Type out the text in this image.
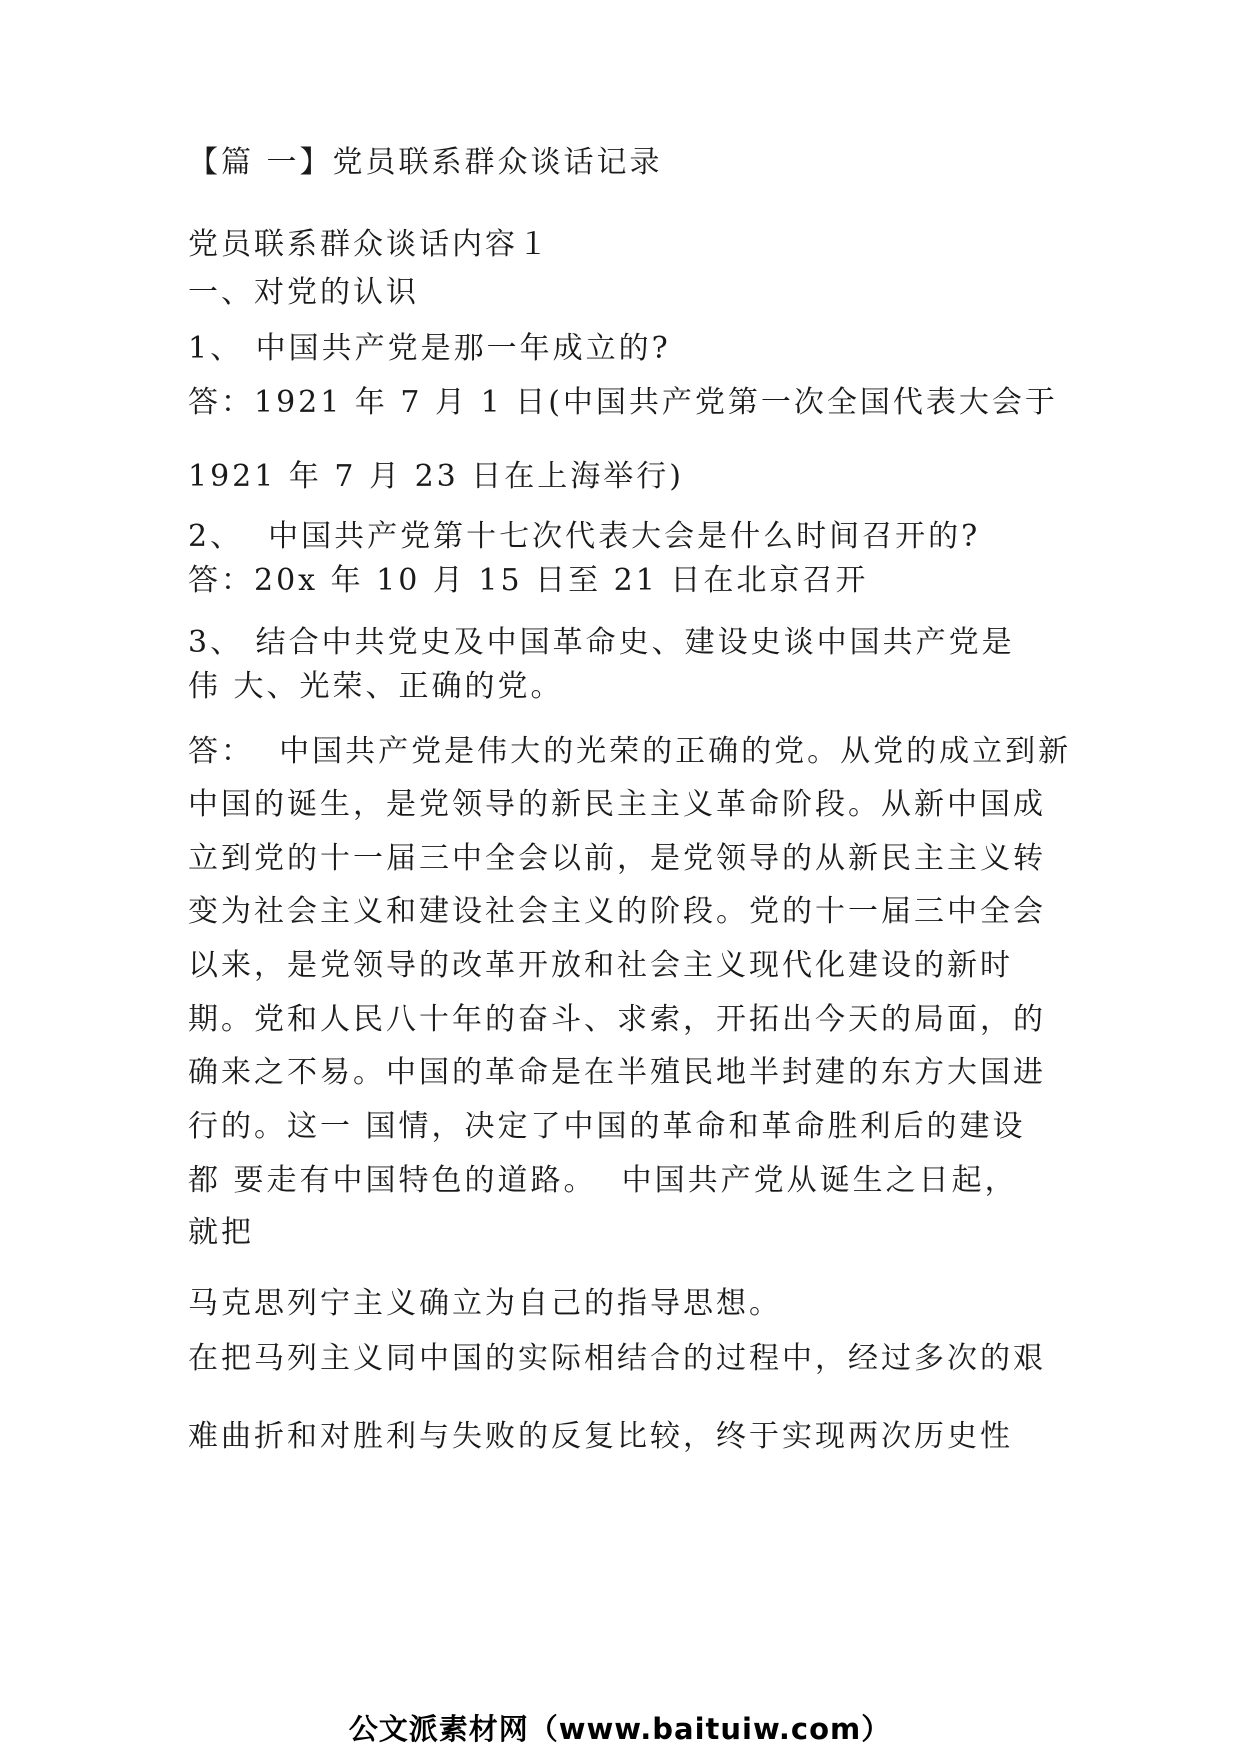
【篇 一】党员联系群众谈话记录

党员联系群众谈话内容１

一、对党的认识

1、 中国共产党是那一年成立的?

答：1921 年 7 月 1 日(中国共产党第一次全国代表大会于

1921 年 7 月 23 日在上海举行)

2、  中国共产党第十七次代表大会是什么时间召开的?

答：20x 年 10 月 15 日至 21 日在北京召开

3、 结合中共党史及中国革命史、建设史谈中国共产党是

伟 大、光荣、正确的党。

答：  中国共产党是伟大的光荣的正确的党。从党的成立到新

中国的诞生，是党领导的新民主主义革命阶段。从新中国成

立到党的十一届三中全会以前，是党领导的从新民主主义转

变为社会主义和建设社会主义的阶段。党的十一届三中全会

以来，是党领导的改革开放和社会主义现代化建设的新时

期。党和人民八十年的奋斗、求索，开拓出今天的局面，的

确来之不易。中国的革命是在半殖民地半封建的东方大国进

行的。这一 国情，决定了中国的革命和革命胜利后的建设

都 要走有中国特色的道路。  中国共产党从诞生之日起，

就把

马克思列宁主义确立为自己的指导思想。

在把马列主义同中国的实际相结合的过程中，经过多次的艰

难曲折和对胜利与失败的反复比较，终于实现两次历史性

公文派素材网（www.baituiw.com）
